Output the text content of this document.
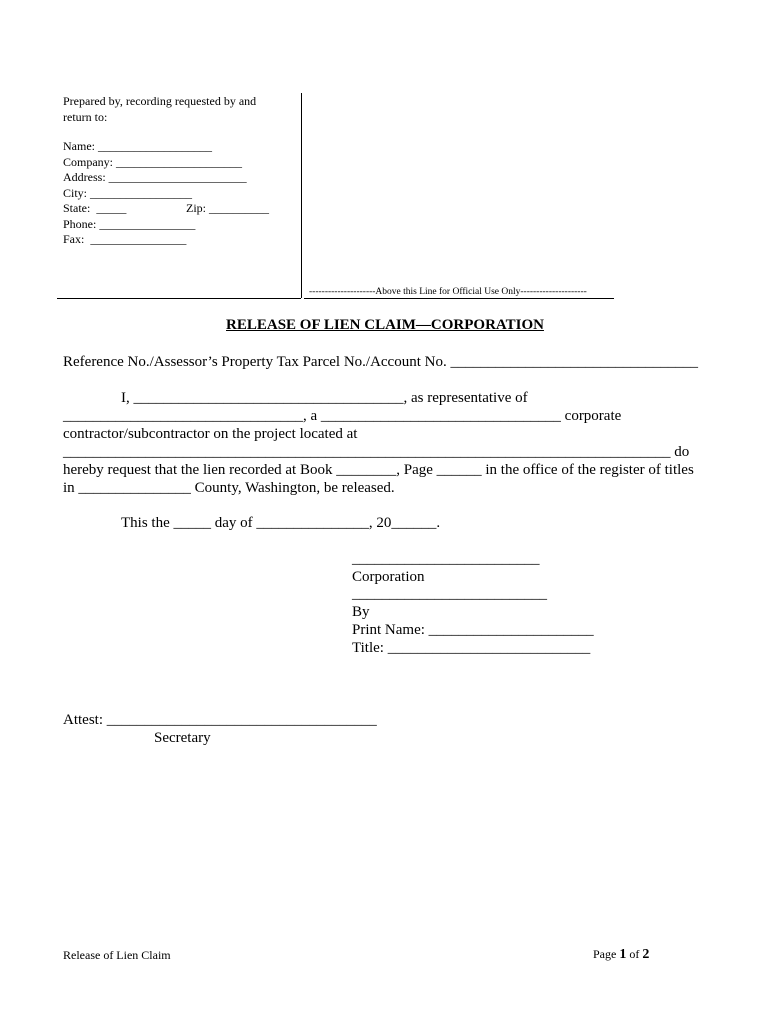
Prepared by, recording requested by and
return to:
Name: ___________________
Company: _____________________
Address: _______________________
City: _________________
State:  _____	Zip: __________
Phone: ________________
Fax:  ________________
---------------------Above this Line for Official Use Only---------------------
RELEASE OF LIEN CLAIM—CORPORATION
Reference No./Assessor’s Property Tax Parcel No./Account No. _________________________________
I, ____________________________________, as representative of
________________________________, a ________________________________ corporate
contractor/subcontractor on the project located at
_________________________________________________________________________________ do
hereby request that the lien recorded at Book ________, Page ______ in the office of the register of titles
in _______________ County, Washington, be released.
This the _____ day of _______________, 20______.
_________________________
Corporation
__________________________
By
Print Name: ______________________
Title: ___________________________
Attest: ____________________________________
Secretary
Release of Lien Claim	Page 1 of 2
